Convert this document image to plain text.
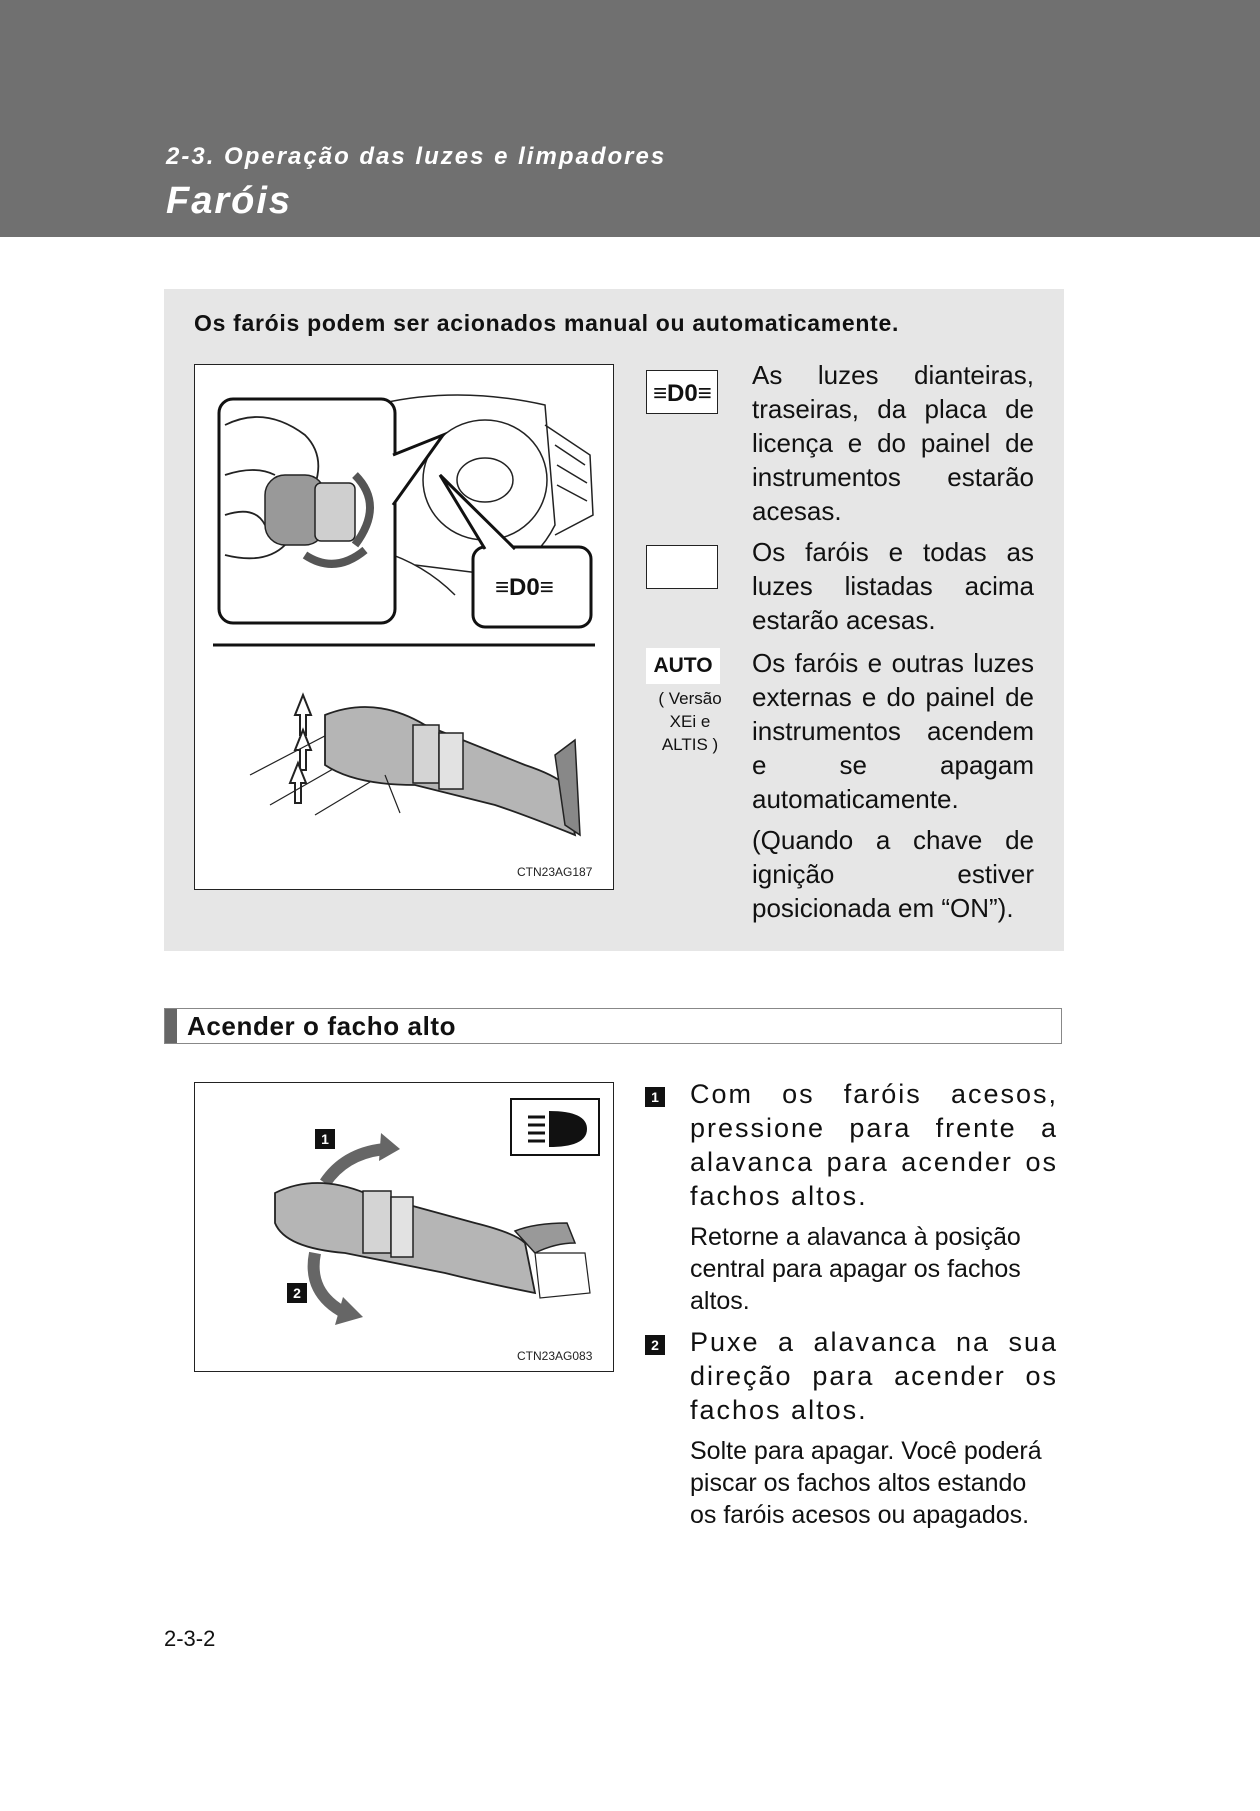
2-3. Operação das luzes e limpadores
Faróis
Os faróis podem ser acionados manual ou automaticamente.
≡D0≡
CTN23AG187
≡D0≡
AUTO
( Versão XEi e ALTIS )
As luzes dianteiras, traseiras, da placa de licença e do painel de instrumentos estarão acesas.
Os faróis e todas as luzes listadas acima estarão acesas.
Os faróis e outras luzes externas e do painel de instrumentos acendem e se apagam automaticamente.
(Quando a chave de ignição estiver posicionada em “ON”).
Acender o facho alto
1
2
CTN23AG083
1 Com os faróis acesos, pressione para frente a alavanca para acender os fachos altos.
Retorne a alavanca à posição central para apagar os fachos altos.
2 Puxe a alavanca na sua direção para acender os fachos altos.
Solte para apagar. Você poderá piscar os fachos altos estando os faróis acesos ou apagados.
2-3-2
